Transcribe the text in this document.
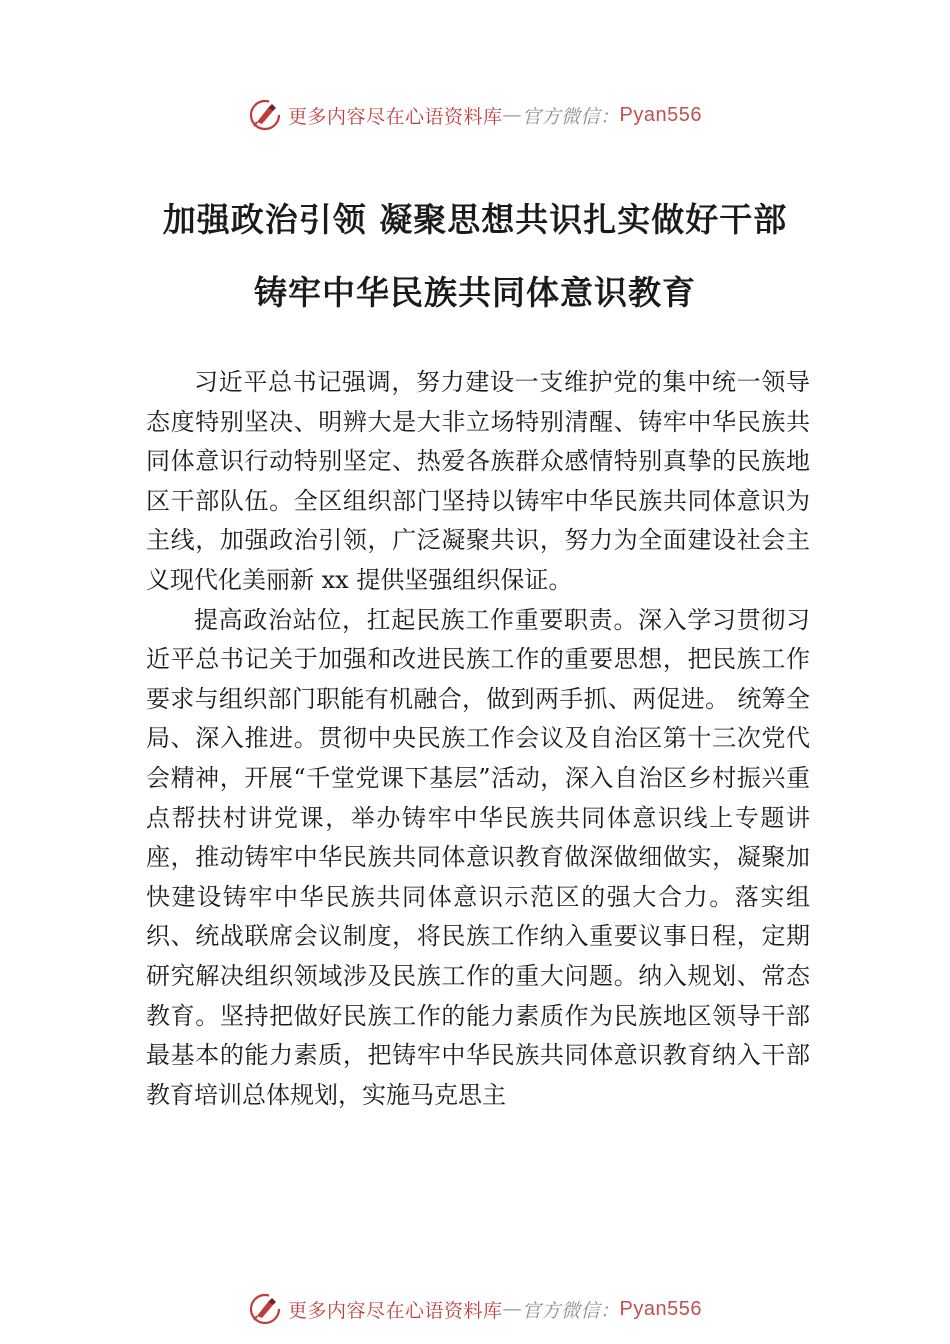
更多内容尽在心语资料库 — 官方微信： Pyan556
加强政治引领 凝聚思想共识扎实做好干部
铸牢中华民族共同体意识教育

习近平总书记强调，努力建设一支维护党的集中统一领导态度特别坚决、明辨大是大非立场特别清醒、铸牢中华民族共同体意识行动特别坚定、热爱各族群众感情特别真挚的民族地区干部队伍。全区组织部门坚持以铸牢中华民族共同体意识为主线，加强政治引领，广泛凝聚共识，努力为全面建设社会主义现代化美丽新 xx 提供坚强组织保证。

提高政治站位，扛起民族工作重要职责。深入学习贯彻习近平总书记关于加强和改进民族工作的重要思想，把民族工作要求与组织部门职能有机融合，做到两手抓、两促进。 统筹全局、深入推进。贯彻中央民族工作会议及自治区第十三次党代会精神，开展“千堂党课下基层”活动，深入自治区乡村振兴重点帮扶村讲党课，举办铸牢中华民族共同体意识线上专题讲座，推动铸牢中华民族共同体意识教育做深做细做实，凝聚加快建设铸牢中华民族共同体意识示范区的强大合力。落实组织、统战联席会议制度，将民族工作纳入重要议事日程，定期研究解决组织领域涉及民族工作的重大问题。纳入规划、常态教育。坚持把做好民族工作的能力素质作为民族地区领导干部最基本的能力素质，把铸牢中华民族共同体意识教育纳入干部教育培训总体规划，实施马克思主

更多内容尽在心语资料库 — 官方微信： Pyan556
